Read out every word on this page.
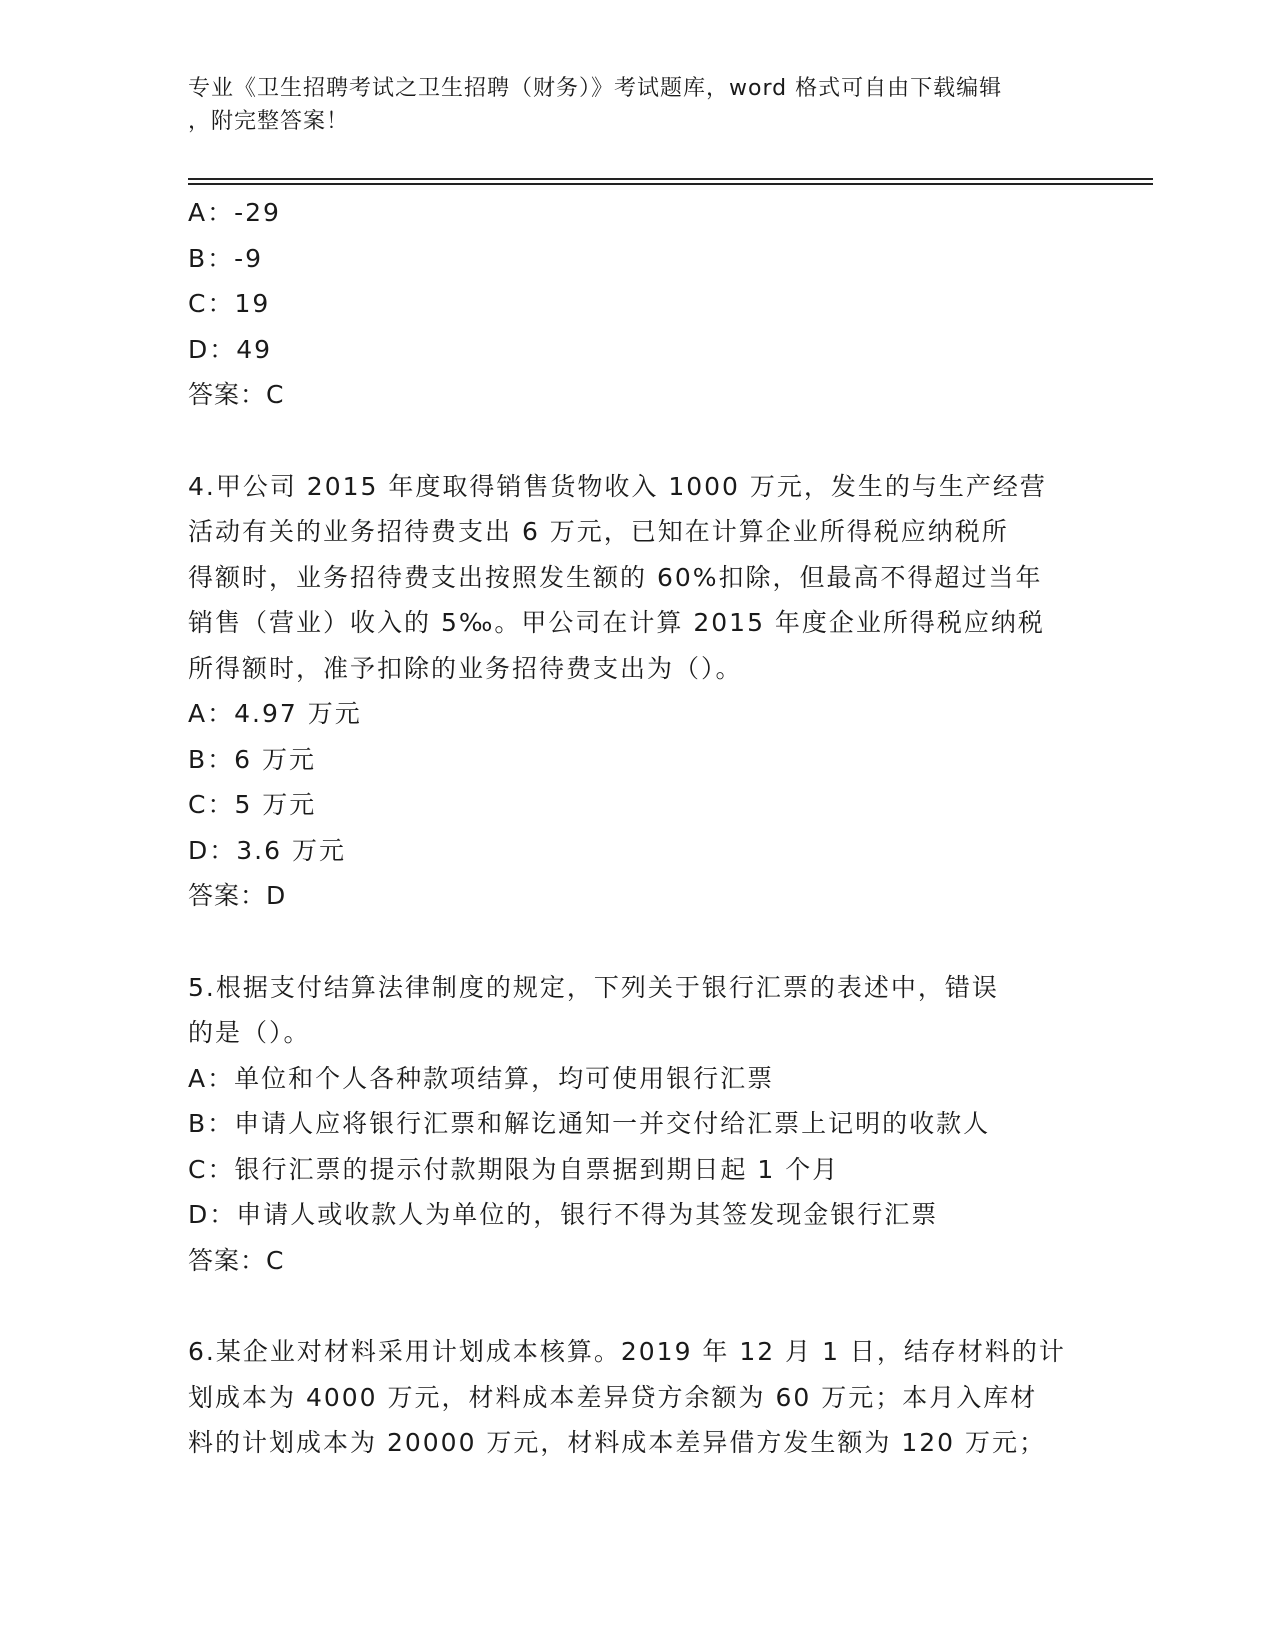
专业《卫生招聘考试之卫生招聘（财务）》考试题库，word 格式可自由下载编辑
，附完整答案！
A：-29
B：-9
C：19
D：49
答案：C
4.甲公司 2015 年度取得销售货物收入 1000 万元，发生的与生产经营
活动有关的业务招待费支出 6 万元，已知在计算企业所得税应纳税所
得额时，业务招待费支出按照发生额的 60%扣除，但最高不得超过当年
销售（营业）收入的 5‰。甲公司在计算 2015 年度企业所得税应纳税
所得额时，准予扣除的业务招待费支出为（）。
A：4.97 万元
B：6 万元
C：5 万元
D：3.6 万元
答案：D
5.根据支付结算法律制度的规定，下列关于银行汇票的表述中，错误
的是（）。
A：单位和个人各种款项结算，均可使用银行汇票
B：申请人应将银行汇票和解讫通知一并交付给汇票上记明的收款人
C：银行汇票的提示付款期限为自票据到期日起 1 个月
D：申请人或收款人为单位的，银行不得为其签发现金银行汇票
答案：C
6.某企业对材料采用计划成本核算。2019 年 12 月 1 日，结存材料的计
划成本为 4000 万元，材料成本差异贷方余额为 60 万元；本月入库材
料的计划成本为 20000 万元，材料成本差异借方发生额为 120 万元；
